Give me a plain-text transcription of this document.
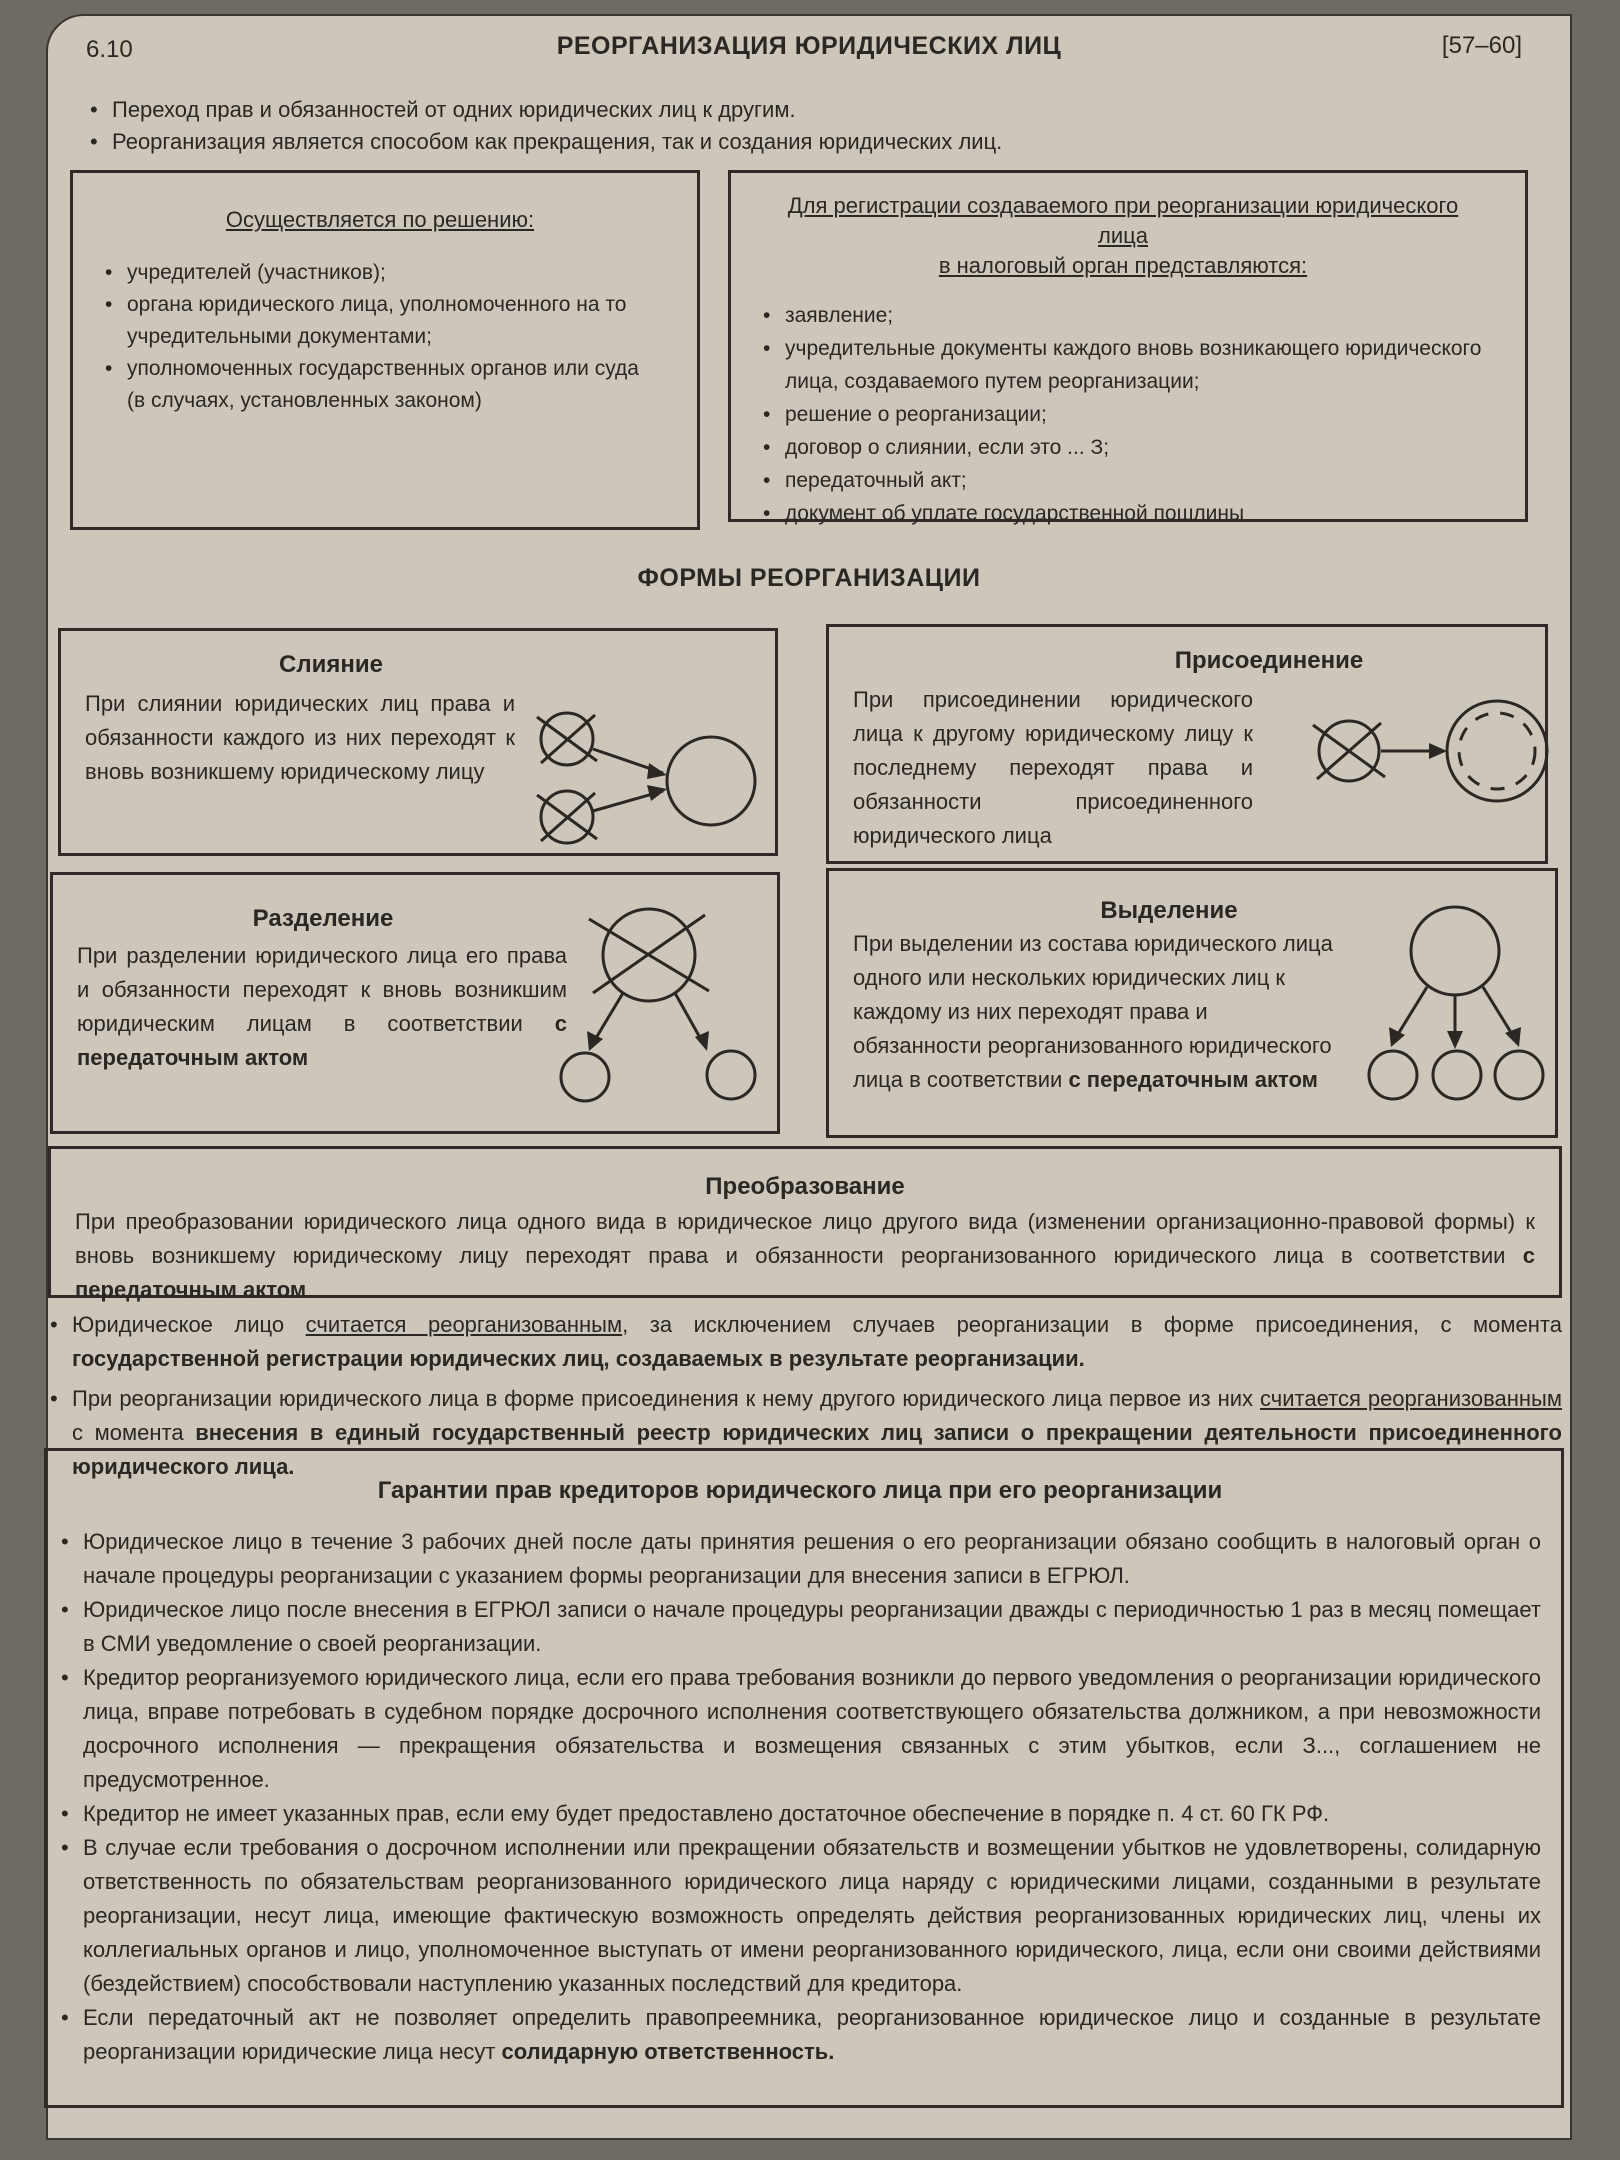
6.10	РЕОРГАНИЗАЦИЯ ЮРИДИЧЕСКИХ ЛИЦ	[57–60]
• Переход прав и обязанностей от одних юридических лиц к другим.
• Реорганизация является способом как прекращения, так и создания юридических лиц.
Осуществляется по решению:
• учредителей (участников);
• органа юридического лица, уполномоченного на то учредительными документами;
• уполномоченных государственных органов или суда (в случаях, установленных законом)
Для регистрации создаваемого при реорганизации юридического лица
в налоговый орган представляются:
• заявление;
• учредительные документы каждого вновь возникающего юридического лица, создаваемого путем реорганизации;
• решение о реорганизации;
• договор о слиянии, если это ... З;
• передаточный акт;
• документ об уплате государственной пошлины
ФОРМЫ РЕОРГАНИЗАЦИИ
Слияние
При слиянии юридических лиц права и обязанности каждого из них переходят к вновь возникшему юридическому лицу
Присоединение
При присоединении юридического лица к другому юридическому лицу к последнему переходят права и обязанности присоединенного юридического лица
Разделение
При разделении юридического лица его права и обязанности переходят к вновь возникшим юридическим лицам в соответствии с передаточным актом
Выделение
При выделении из состава юридического лица одного или нескольких юридических лиц к каждому из них переходят права и обязанности реорганизованного юридического лица в соответствии с передаточным актом
Преобразование
При преобразовании юридического лица одного вида в юридическое лицо другого вида (изменении организационно-правовой формы) к вновь возникшему юридическому лицу переходят права и обязанности реорганизованного юридического лица в соответствии с передаточным актом
• Юридическое лицо считается реорганизованным, за исключением случаев реорганизации в форме присоединения, с момента государственной регистрации юридических лиц, создаваемых в результате реорганизации.
• При реорганизации юридического лица в форме присоединения к нему другого юридического лица первое из них считается реорганизованным с момента внесения в единый государственный реестр юридических лиц записи о прекращении деятельности присоединенного юридического лица.
Гарантии прав кредиторов юридического лица при его реорганизации
• Юридическое лицо в течение 3 рабочих дней после даты принятия решения о его реорганизации обязано сообщить в налоговый орган о начале процедуры реорганизации с указанием формы реорганизации для внесения записи в ЕГРЮЛ.
• Юридическое лицо после внесения в ЕГРЮЛ записи о начале процедуры реорганизации дважды с периодичностью 1 раз в месяц помещает в СМИ уведомление о своей реорганизации.
• Кредитор реорганизуемого юридического лица, если его права требования возникли до первого уведомления о реорганизации юридического лица, вправе потребовать в судебном порядке досрочного исполнения соответствующего обязательства должником, а при невозможности досрочного исполнения — прекращения обязательства и возмещения связанных с этим убытков, если З..., соглашением не предусмотренное.
• Кредитор не имеет указанных прав, если ему будет предоставлено достаточное обеспечение в порядке п. 4 ст. 60 ГК РФ.
• В случае если требования о досрочном исполнении или прекращении обязательств и возмещении убытков не удовлетворены, солидарную ответственность по обязательствам реорганизованного юридического лица наряду с юридическими лицами, созданными в результате реорганизации, несут лица, имеющие фактическую возможность определять действия реорганизованных юридических лиц, члены их коллегиальных органов и лицо, уполномоченное выступать от имени реорганизованного юридического, лица, если они своими действиями (бездействием) способствовали наступлению указанных последствий для кредитора.
• Если передаточный акт не позволяет определить правопреемника, реорганизованное юридическое лицо и созданные в результате реорганизации юридические лица несут солидарную ответственность.
